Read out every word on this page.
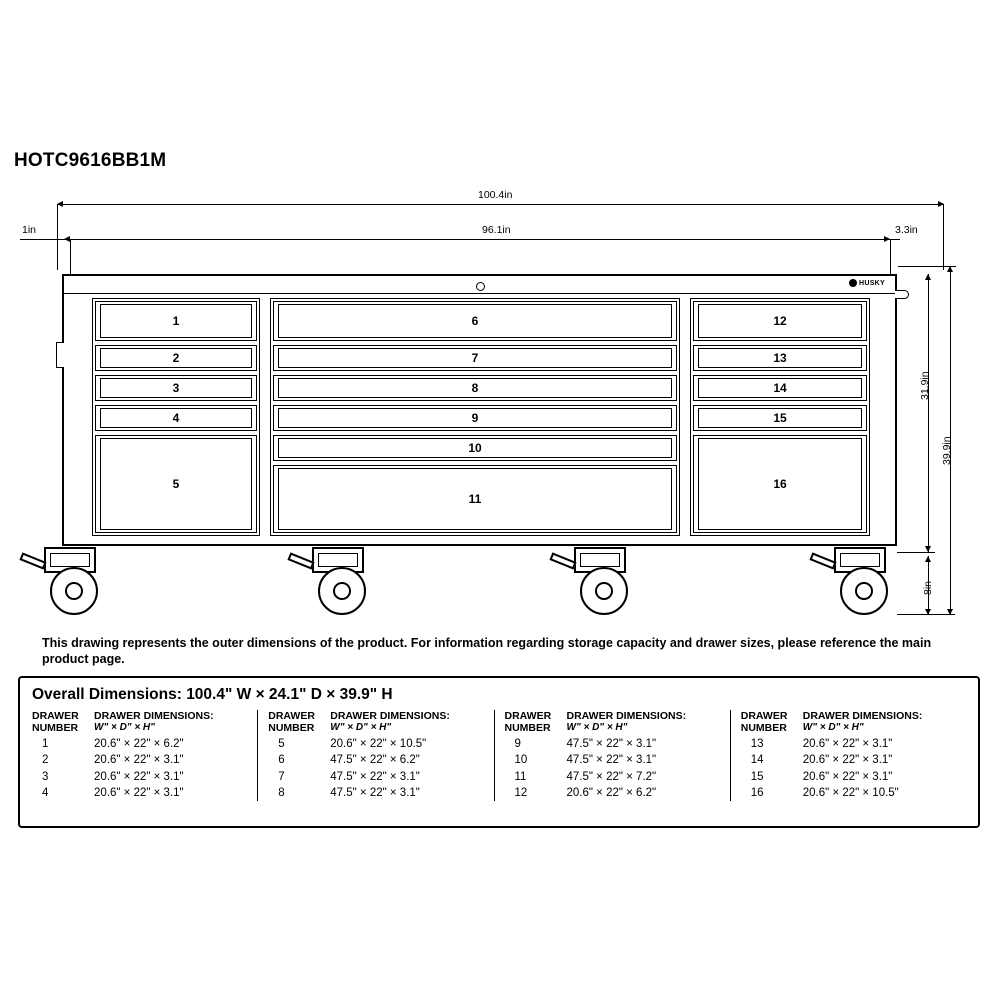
HOTC9616BB1M
100.4in
1in	96.1in	3.3in
31.9in
39.9in
8in
HUSKY
1
2
3
4
5
6
7
8
9
10
11
12
13
14
15
16
This drawing represents the outer dimensions of the product. For information regarding storage capacity and drawer sizes, please reference the main product page.
Overall Dimensions: 100.4" W × 24.1" D × 39.9" H
DRAWER
NUMBER
DRAWER DIMENSIONS:
W" × D" × H"
1	20.6" × 22" × 6.2"
2	20.6" × 22" × 3.1"
3	20.6" × 22" × 3.1"
4	20.6" × 22" × 3.1"
DRAWER
NUMBER
DRAWER DIMENSIONS:
W" × D" × H"
5	20.6" × 22" × 10.5"
6	47.5" × 22" × 6.2"
7	47.5" × 22" × 3.1"
8	47.5" × 22" × 3.1"
DRAWER
NUMBER
DRAWER DIMENSIONS:
W" × D" × H"
9	47.5" × 22" × 3.1"
10	47.5" × 22" × 3.1"
11	47.5" × 22" × 7.2"
12	20.6" × 22" × 6.2"
DRAWER
NUMBER
DRAWER DIMENSIONS:
W" × D" × H"
13	20.6" × 22" × 3.1"
14	20.6" × 22" × 3.1"
15	20.6" × 22" × 3.1"
16	20.6" × 22" × 10.5"
